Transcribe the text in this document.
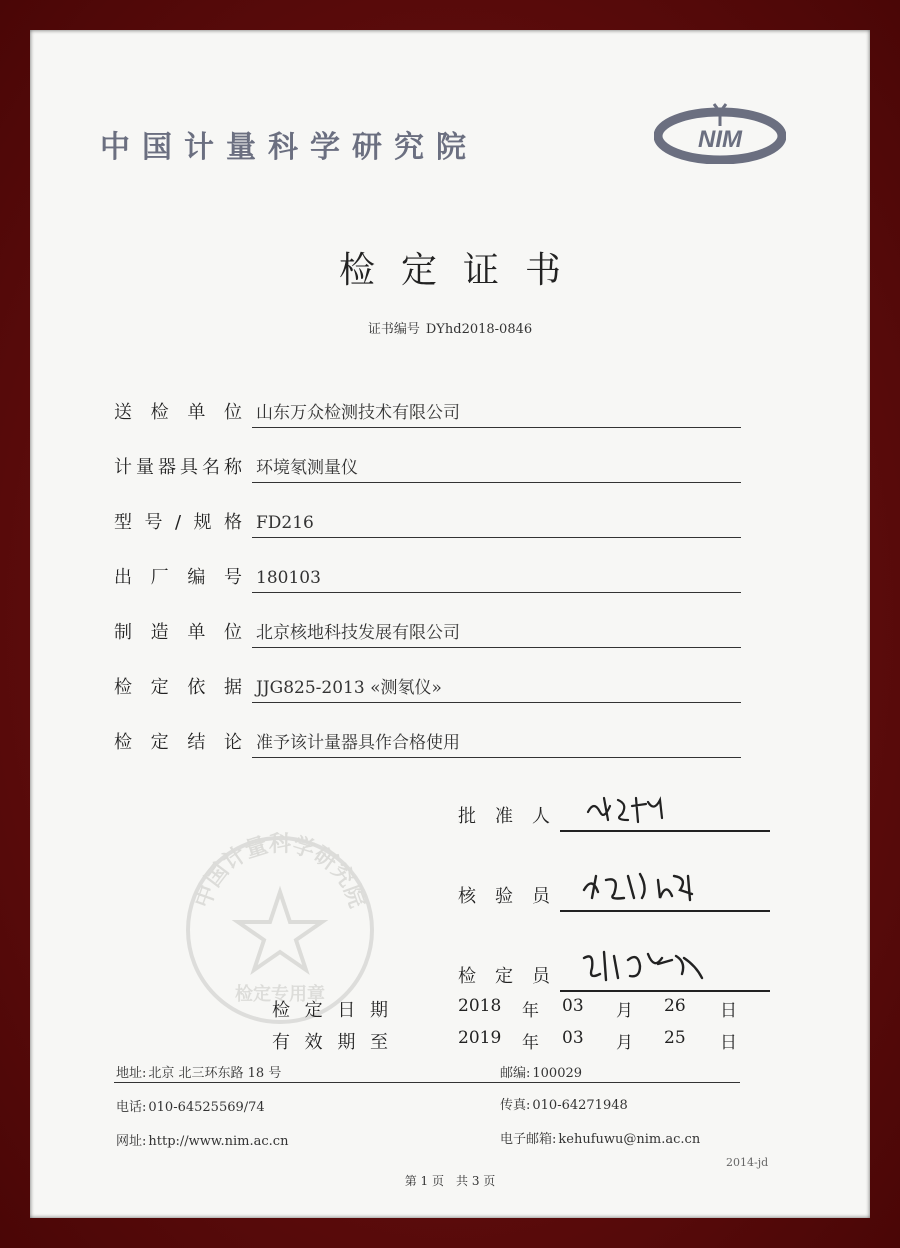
中国计量科学研究院	NIM
检定证书
证书编号 DYhd2018-0846
送检单位 山东万众检测技术有限公司
计量器具名称 环境氡测量仪
型号/规格 FD216
出厂编号 180103
制造单位 北京核地科技发展有限公司
检定依据 JJG825-2013 «测氡仪»
检定结论 准予该计量器具作合格使用
批准人
核验员
检定员
中国计量科学研究院
检定专用章
检定日期	2018 年 03 月 26 日
有效期至	2019 年 03 月 25 日
地址: 北京 北三环东路 18 号	邮编: 100029
电话: 010-64525569/74	传真: 010-64271948
网址: http://www.nim.ac.cn	电子邮箱: kehufuwu@nim.ac.cn
2014-jd
第 1 页 共 3 页
